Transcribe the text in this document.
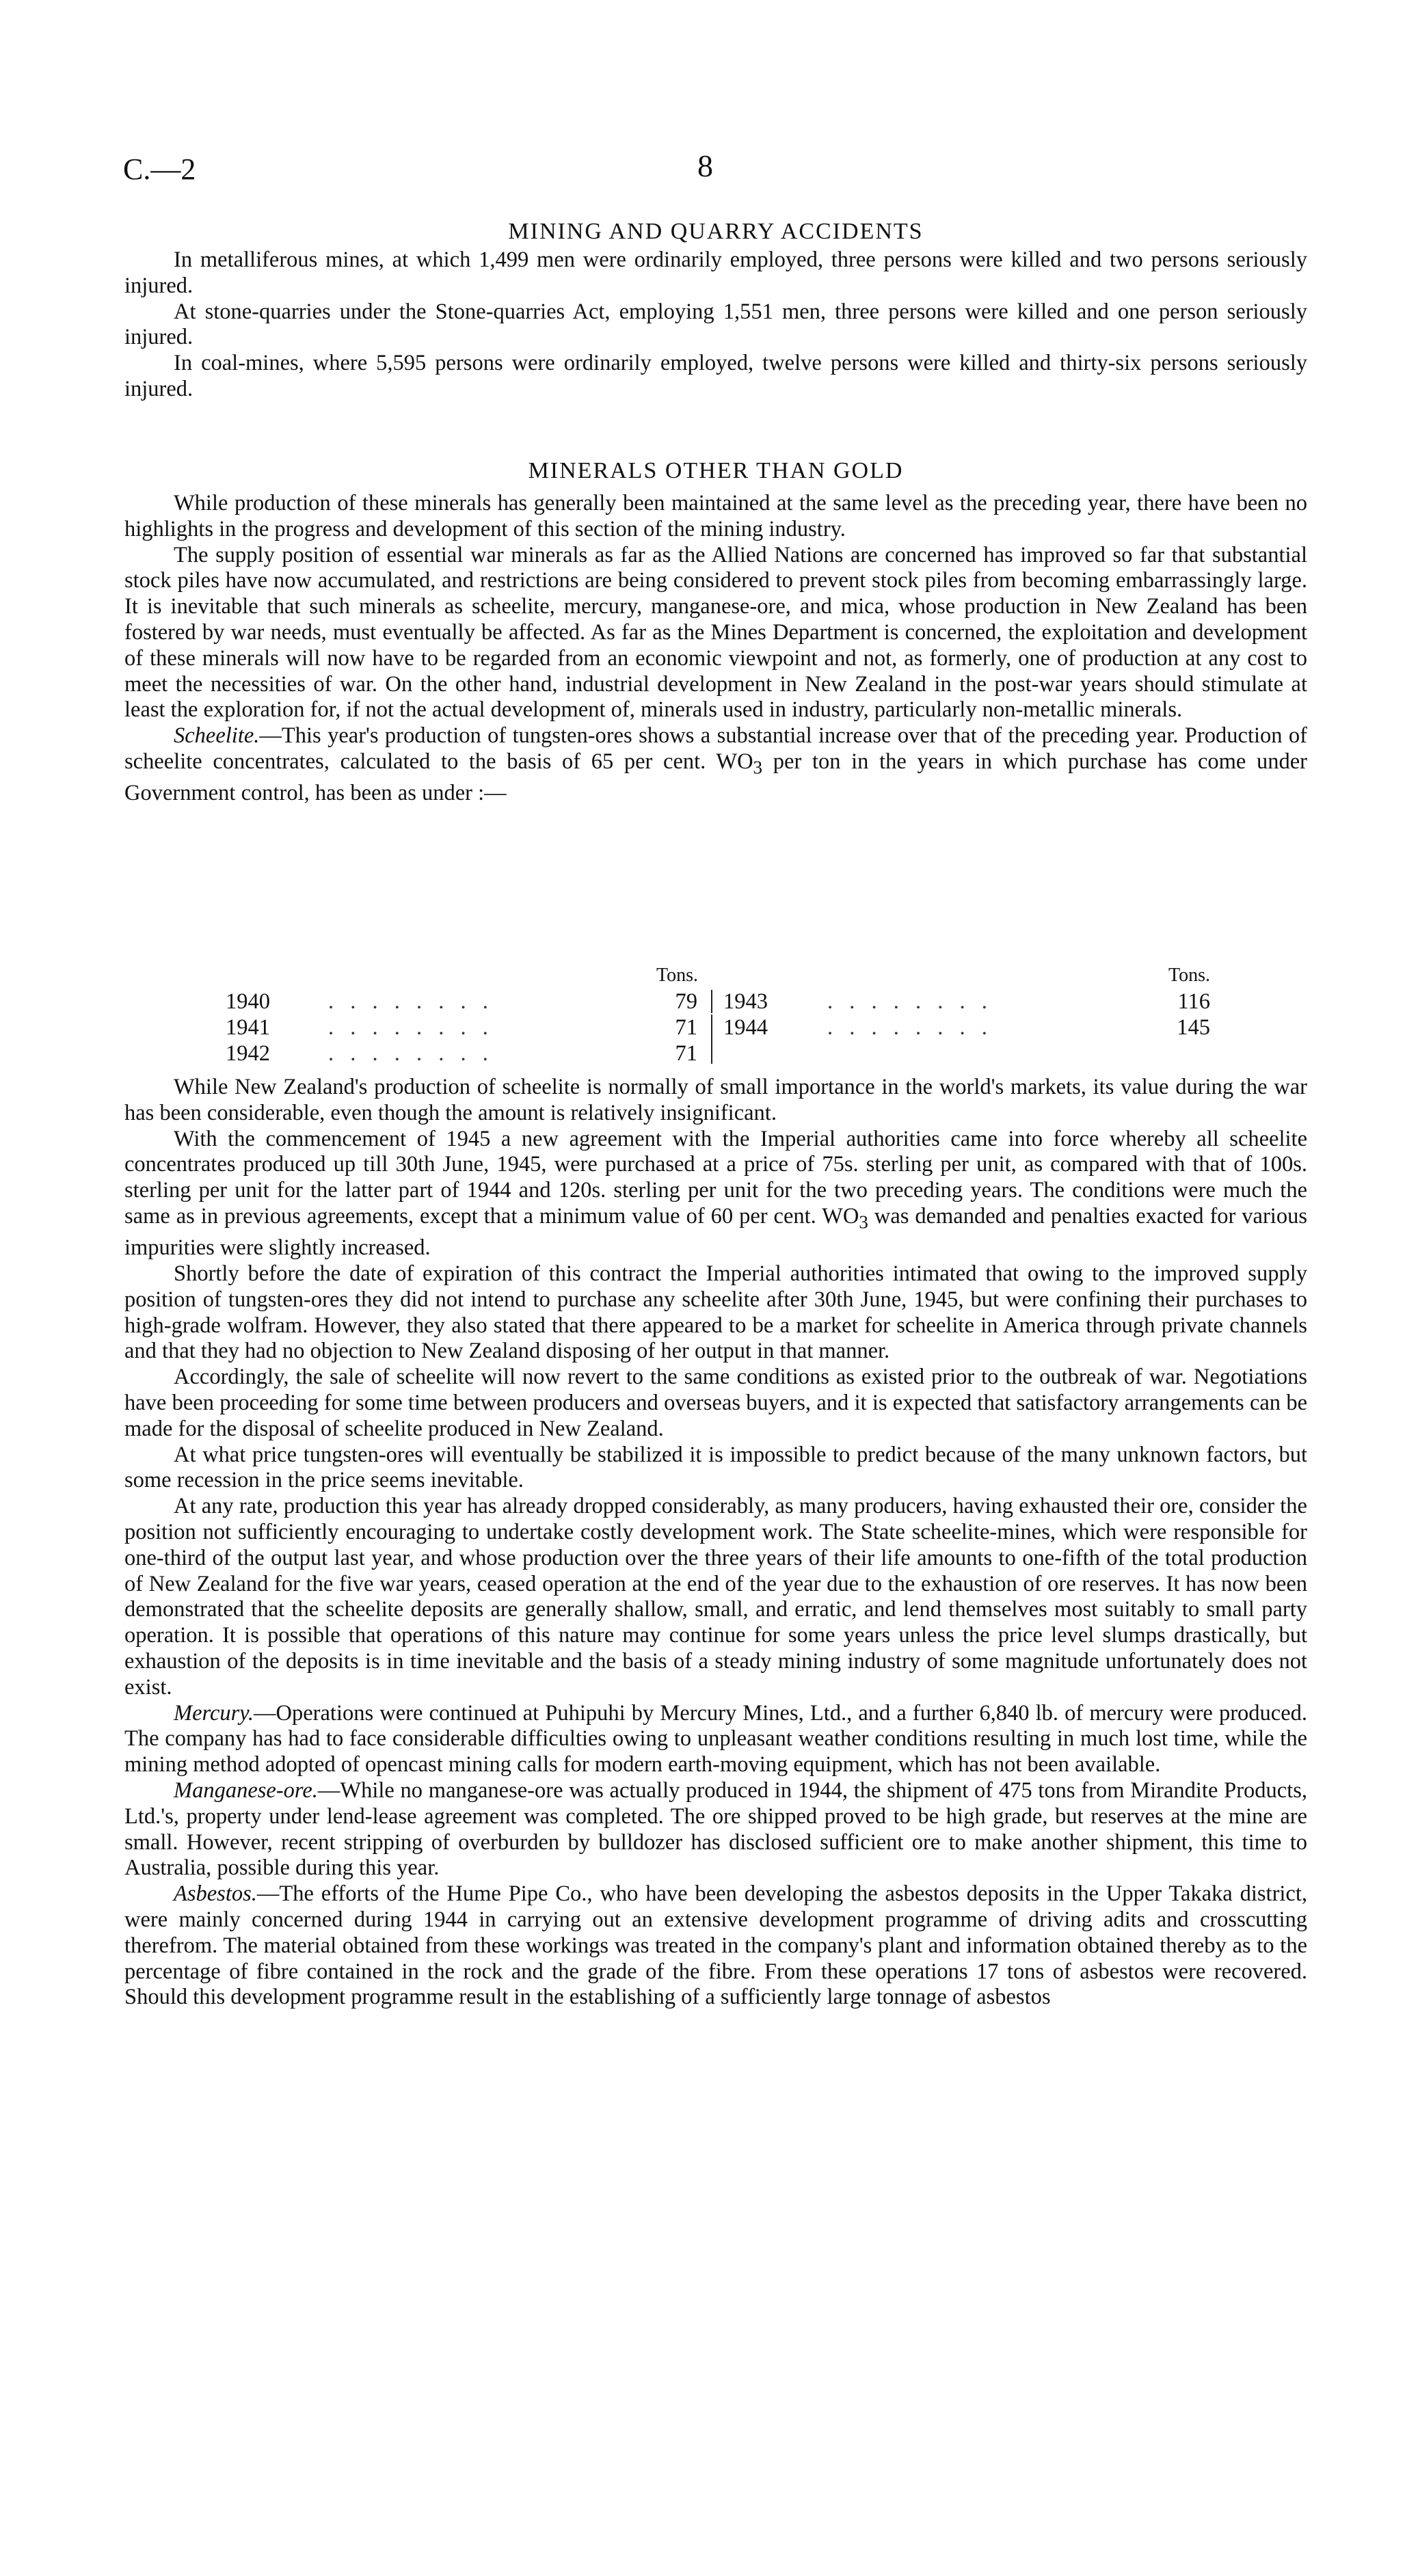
C.—2	8
MINING AND QUARRY ACCIDENTS

In metalliferous mines, at which 1,499 men were ordinarily employed, three persons were killed and two persons seriously injured.

At stone-quarries under the Stone-quarries Act, employing 1,551 men, three persons were killed and one person seriously injured.

In coal-mines, where 5,595 persons were ordinarily employed, twelve persons were killed and thirty-six persons seriously injured.

MINERALS OTHER THAN GOLD

While production of these minerals has generally been maintained at the same level as the preceding year, there have been no highlights in the progress and development of this section of the mining industry.

The supply position of essential war minerals as far as the Allied Nations are concerned has improved so far that substantial stock piles have now accumulated, and restrictions are being considered to prevent stock piles from becoming embarrassingly large. It is inevitable that such minerals as scheelite, mercury, manganese-ore, and mica, whose production in New Zealand has been fostered by war needs, must eventually be affected. As far as the Mines Department is concerned, the exploitation and development of these minerals will now have to be regarded from an economic viewpoint and not, as formerly, one of production at any cost to meet the necessities of war. On the other hand, industrial development in New Zealand in the post-war years should stimulate at least the exploration for, if not the actual development of, minerals used in industry, particularly non-metallic minerals.

Scheelite.—This year's production of tungsten-ores shows a substantial increase over that of the preceding year. Production of scheelite concentrates, calculated to the basis of 65 per cent. $WO_3$ per ton in the years in which purchase has come under Government control, has been as under :—

Tons.	Tons.
1940	. . . . . . . .	79 1943	. . . . . . . .	116
1941	. . . . . . . .	71 1944	. . . . . . . .	145
1942	. . . . . . . .	71

While New Zealand's production of scheelite is normally of small importance in the world's markets, its value during the war has been considerable, even though the amount is relatively insignificant.

With the commencement of 1945 a new agreement with the Imperial authorities came into force whereby all scheelite concentrates produced up till 30th June, 1945, were purchased at a price of 75s. sterling per unit, as compared with that of 100s. sterling per unit for the latter part of 1944 and 120s. sterling per unit for the two preceding years. The conditions were much the same as in previous agreements, except that a minimum value of 60 per cent. $WO_3$ was demanded and penalties exacted for various impurities were slightly increased.

Shortly before the date of expiration of this contract the Imperial authorities intimated that owing to the improved supply position of tungsten-ores they did not intend to purchase any scheelite after 30th June, 1945, but were confining their purchases to high-grade wolfram. However, they also stated that there appeared to be a market for scheelite in America through private channels and that they had no objection to New Zealand disposing of her output in that manner.

Accordingly, the sale of scheelite will now revert to the same conditions as existed prior to the outbreak of war. Negotiations have been proceeding for some time between producers and overseas buyers, and it is expected that satisfactory arrangements can be made for the disposal of scheelite produced in New Zealand.

At what price tungsten-ores will eventually be stabilized it is impossible to predict because of the many unknown factors, but some recession in the price seems inevitable.

At any rate, production this year has already dropped considerably, as many producers, having exhausted their ore, consider the position not sufficiently encouraging to undertake costly development work. The State scheelite-mines, which were responsible for one-third of the output last year, and whose production over the three years of their life amounts to one-fifth of the total production of New Zealand for the five war years, ceased operation at the end of the year due to the exhaustion of ore reserves. It has now been demonstrated that the scheelite deposits are generally shallow, small, and erratic, and lend themselves most suitably to small party operation. It is possible that operations of this nature may continue for some years unless the price level slumps drastically, but exhaustion of the deposits is in time inevitable and the basis of a steady mining industry of some magnitude unfortunately does not exist.

Mercury.—Operations were continued at Puhipuhi by Mercury Mines, Ltd., and a further 6,840 lb. of mercury were produced. The company has had to face considerable difficulties owing to unpleasant weather conditions resulting in much lost time, while the mining method adopted of opencast mining calls for modern earth-moving equipment, which has not been available.

Manganese-ore.—While no manganese-ore was actually produced in 1944, the shipment of 475 tons from Mirandite Products, Ltd.'s, property under lend-lease agreement was completed. The ore shipped proved to be high grade, but reserves at the mine are small. However, recent stripping of overburden by bulldozer has disclosed sufficient ore to make another shipment, this time to Australia, possible during this year.

Asbestos.—The efforts of the Hume Pipe Co., who have been developing the asbestos deposits in the Upper Takaka district, were mainly concerned during 1944 in carrying out an extensive development programme of driving adits and crosscutting therefrom. The material obtained from these workings was treated in the company's plant and information obtained thereby as to the percentage of fibre contained in the rock and the grade of the fibre. From these operations 17 tons of asbestos were recovered. Should this development programme result in the establishing of a sufficiently large tonnage of asbestos
